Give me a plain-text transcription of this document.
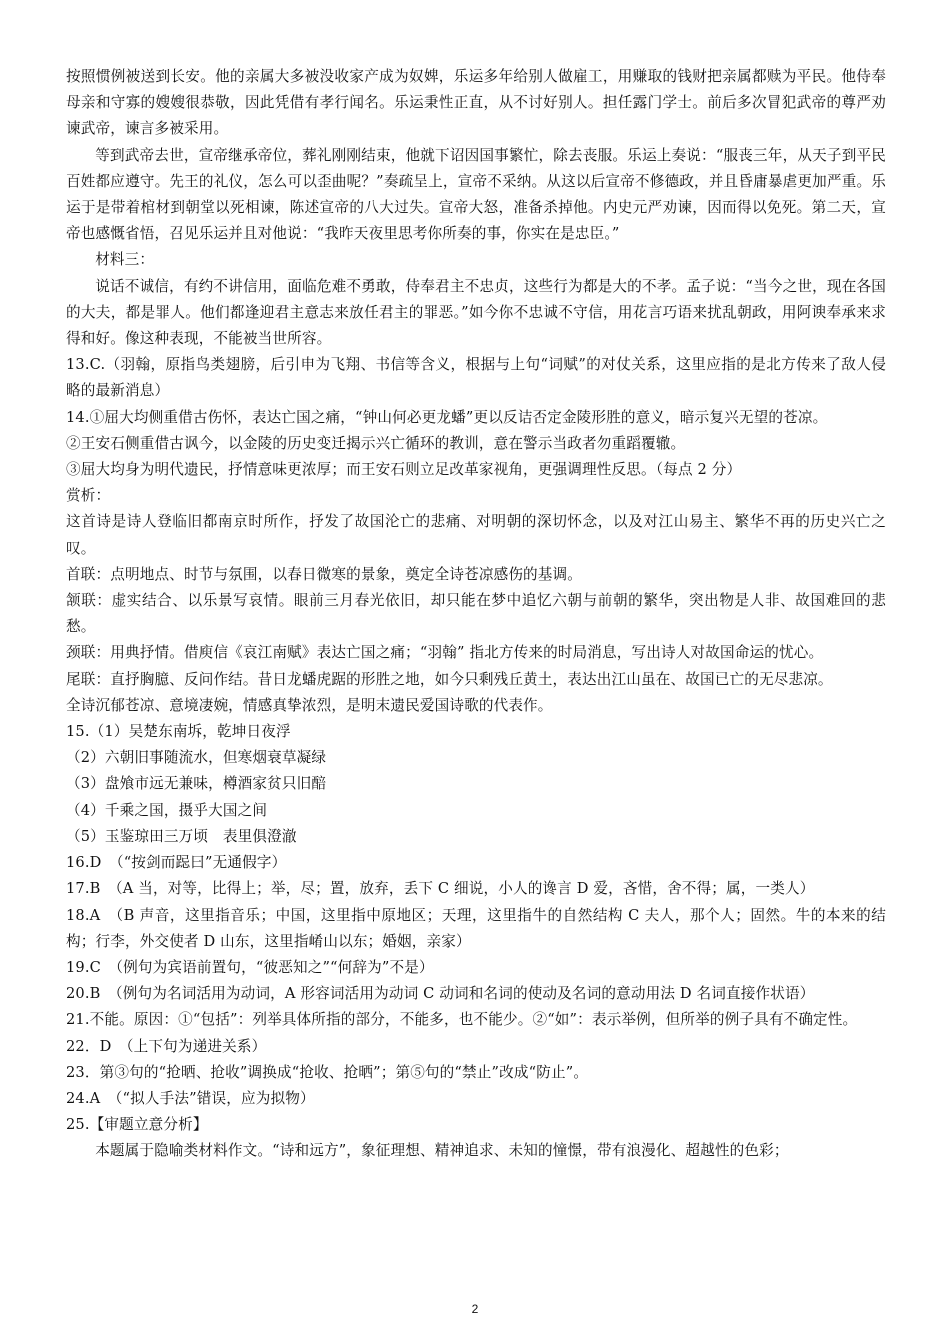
按照惯例被送到长安。他的亲属大多被没收家产成为奴婢，乐运多年给别人做雇工，用赚取的钱财把亲属都赎为平民。他侍奉母亲和守寡的嫂嫂很恭敬，因此凭借有孝行闻名。乐运秉性正直，从不讨好别人。担任露门学士。前后多次冒犯武帝的尊严劝谏武帝，谏言多被采用。

等到武帝去世，宣帝继承帝位，葬礼刚刚结束，他就下诏因国事繁忙，除去丧服。乐运上奏说：“服丧三年，从天子到平民百姓都应遵守。先王的礼仪，怎么可以歪曲呢？”奏疏呈上，宣帝不采纳。从这以后宣帝不修德政，并且昏庸暴虐更加严重。乐运于是带着棺材到朝堂以死相谏，陈述宣帝的八大过失。宣帝大怒，准备杀掉他。内史元严劝谏，因而得以免死。第二天，宣帝也感慨省悟，召见乐运并且对他说：“我昨天夜里思考你所奏的事，你实在是忠臣。”

材料三：

说话不诚信，有约不讲信用，面临危难不勇敢，侍奉君主不忠贞，这些行为都是大的不孝。孟子说：“当今之世，现在各国的大夫，都是罪人。他们都逢迎君主意志来放任君主的罪恶。”如今你不忠诚不守信，用花言巧语来扰乱朝政，用阿谀奉承来求得和好。像这种表现，不能被当世所容。

13.C.（羽翰，原指鸟类翅膀，后引申为飞翔、书信等含义，根据与上句“词赋”的对仗关系，这里应指的是北方传来了敌人侵略的最新消息）

14.①屈大均侧重借古伤怀，表达亡国之痛，“钟山何必更龙蟠”更以反诘否定金陵形胜的意义，暗示复兴无望的苍凉。

②王安石侧重借古讽今，以金陵的历史变迁揭示兴亡循环的教训，意在警示当政者勿重蹈覆辙。

③屈大均身为明代遗民，抒情意味更浓厚；而王安石则立足改革家视角，更强调理性反思。（每点 2 分）

赏析：

这首诗是诗人登临旧都南京时所作，抒发了故国沦亡的悲痛、对明朝的深切怀念，以及对江山易主、繁华不再的历史兴亡之叹。

首联：点明地点、时节与氛围，以春日微寒的景象，奠定全诗苍凉感伤的基调。

颔联：虚实结合、以乐景写哀情。眼前三月春光依旧，却只能在梦中追忆六朝与前朝的繁华，突出物是人非、故国难回的悲愁。

颈联：用典抒情。借庾信《哀江南赋》表达亡国之痛；“羽翰” 指北方传来的时局消息，写出诗人对故国命运的忧心。

尾联：直抒胸臆、反问作结。昔日龙蟠虎踞的形胜之地，如今只剩残丘黄土，表达出江山虽在、故国已亡的无尽悲凉。

全诗沉郁苍凉、意境凄婉，情感真挚浓烈，是明末遗民爱国诗歌的代表作。

15.（1）吴楚东南坼，乾坤日夜浮

（2）六朝旧事随流水，但寒烟衰草凝绿

（3）盘飧市远无兼味，樽酒家贫只旧醅

（4）千乘之国，摄乎大国之间

（5）玉鉴琼田三万顷　表里俱澄澈

16.D　（“按剑而跽曰”无通假字）

17.B　（A 当，对等，比得上；举，尽；置，放弃，丢下 C 细说，小人的谗言 D 爱，吝惜，舍不得；属，一类人）

18.A　（B 声音，这里指音乐；中国，这里指中原地区；天理，这里指牛的自然结构 C 夫人，那个人；固然。牛的本来的结构；行李，外交使者 D 山东，这里指崤山以东；婚姻，亲家）

19.C　（例句为宾语前置句，“彼恶知之”“何辞为”不是）

20.B　（例句为名词活用为动词，A 形容词活用为动词 C 动词和名词的使动及名词的意动用法 D 名词直接作状语）

21.不能。原因：①“包括”：列举具体所指的部分，不能多，也不能少。②“如”：表示举例，但所举的例子具有不确定性。

22．D　（上下句为递进关系）

23．第③句的“抢晒、抢收”调换成“抢收、抢晒”；第⑤句的“禁止”改成“防止”。

24.A　（“拟人手法”错误，应为拟物）

25.【审题立意分析】

本题属于隐喻类材料作文。“诗和远方”，象征理想、精神追求、未知的憧憬，带有浪漫化、超越性的色彩；

2
